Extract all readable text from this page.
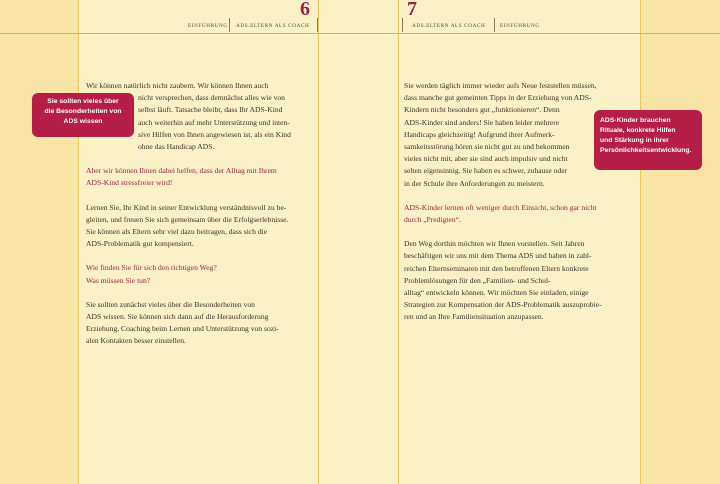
6	7
EINFÜHRUNG ADS.ELTERN ALS COACH	ADS.ELTERN ALS COACH	EINFÜHRUNG

Wir können natürlich nicht zaubern. Wir können Ihnen auch
nicht versprechen, dass demnächst alles wie von
selbst läuft. Tatsache bleibt, dass Ihr ADS-Kind
auch weiterhin auf mehr Unterstützung und inten-
sive Hilfen von Ihnen angewiesen ist, als ein Kind
ohne das Handicap ADS.

Aber wir können Ihnen dabei helfen, dass der Alltag mit Ihrem
ADS-Kind stressfreier wird!

Lernen Sie, Ihr Kind in seiner Entwicklung verständnisvoll zu be-
gleiten, und freuen Sie sich gemeinsam über die Erfolgserlebnisse.
Sie können als Eltern sehr viel dazu beitragen, dass sich die
ADS-Problematik gut kompensiert.

Wie finden Sie für sich den richtigen Weg?
Was müssen Sie tun?

Sie sollten zunächst vieles über die Besonderheiten von
ADS wissen. Sie können sich dann auf die Herausforderung
Erziehung, Coaching beim Lernen und Unterstützung von sozi-
alen Kontakten besser einstellen.

Sie sollten vieles über
die Besonderheiten von
ADS wissen

Sie werden täglich immer wieder aufs Neue feststellen müssen,
dass manche gut gemeinten Tipps in der Erziehung von ADS-
Kindern nicht besonders gut „funktionieren“. Denn
ADS-Kinder sind anders! Sie haben leider mehrere
Handicaps gleichzeitig! Aufgrund ihrer Aufmerk-
samkeitsstörung hören sie nicht gut zu und bekommen
vieles nicht mit, aber sie sind auch impulsiv und nicht
selten eigensinnig. Sie haben es schwer, zuhause oder
in der Schule ihre Anforderungen zu meistern.

ADS-Kinder lernen oft weniger durch Einsicht, schon gar nicht
durch „Predigten“.

Den Weg dorthin möchten wir Ihnen vorstellen. Seit Jahren
beschäftigen wir uns mit dem Thema ADS und haben in zahl-
reichen Elternseminaren mit den betroffenen Eltern konkrete
Problemlösungen für den „Familien- und Schul-
alltag“ entwickeln können. Wir möchten Sie einladen, einige
Strategien zur Kompensation der ADS-Problematik auszuprobie-
ren und an Ihre Familiensituation anzupassen.

ADS-Kinder brauchen
Rituale, konkrete Hilfen
und Stärkung in ihrer
Persönlichkeitsentwicklung.
